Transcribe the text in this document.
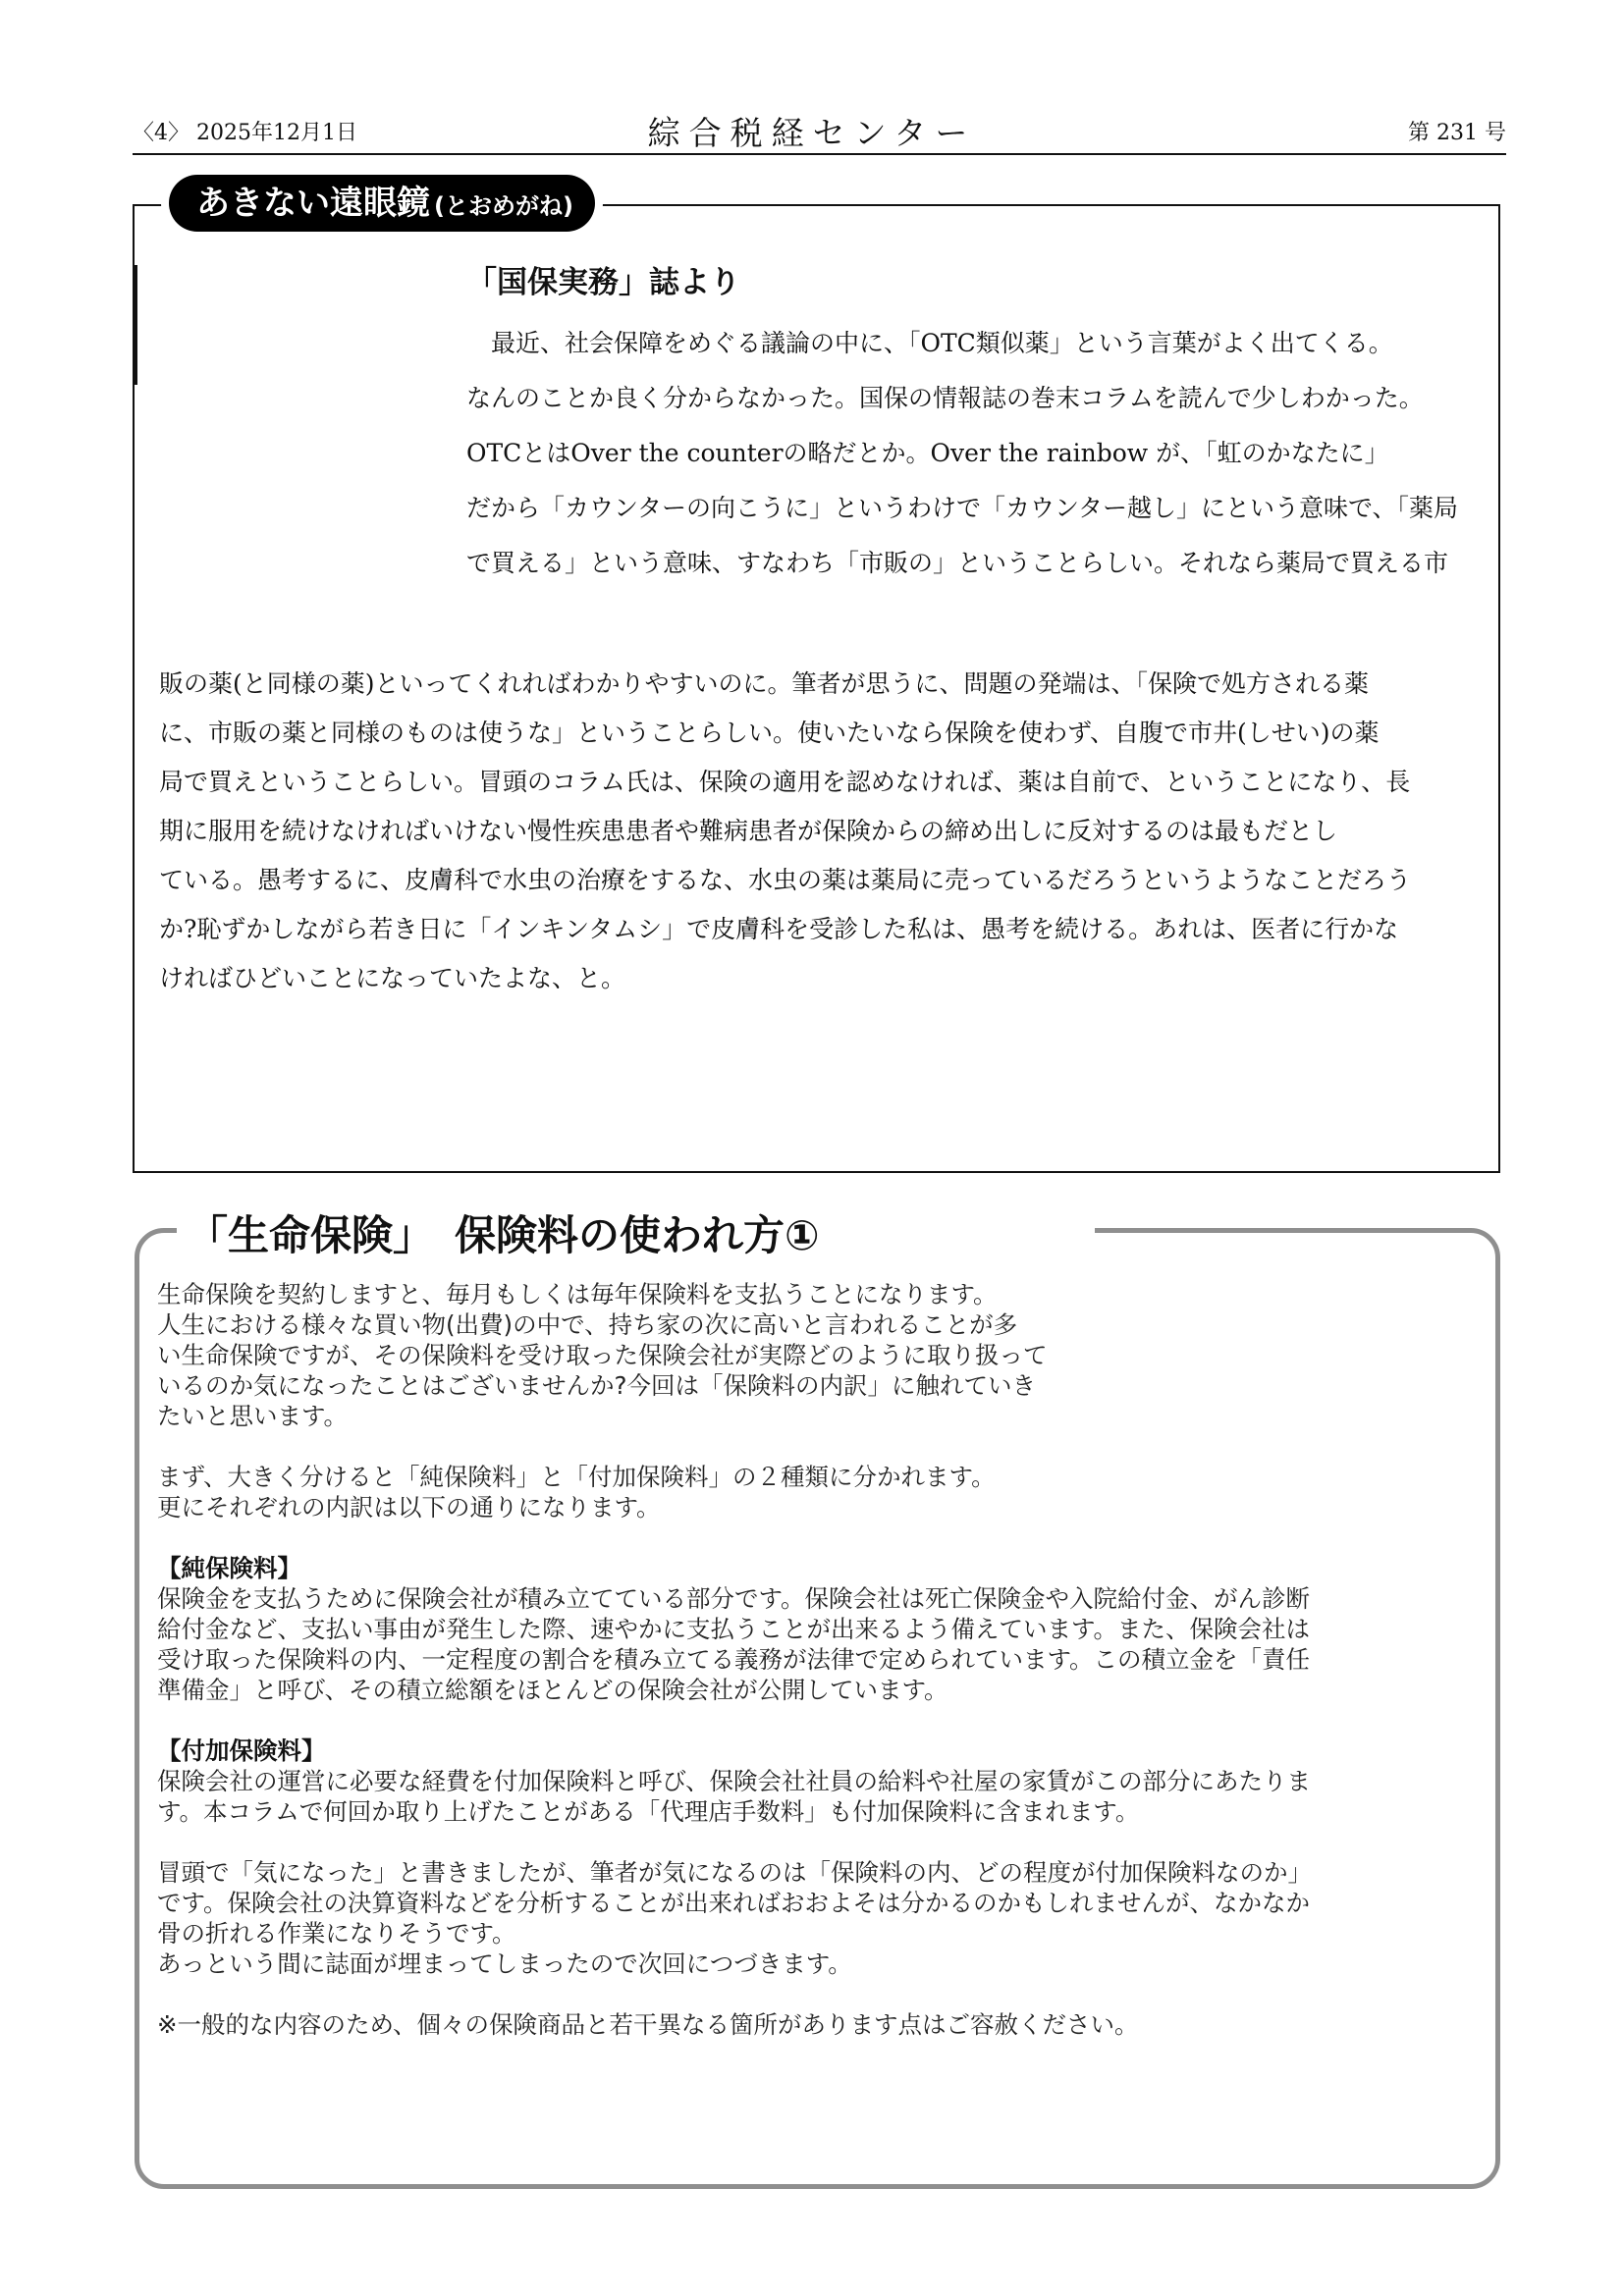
〈4〉 2025年12月1日	綜合税経センター	第 231 号
あきない遠眼鏡 (とおめがね)
「国保実務」誌より

　最近、社会保障をめぐる議論の中に、「OTC類似薬」という言葉がよく出てくる。

なんのことか良く分からなかった。国保の情報誌の巻末コラムを読んで少しわかった。

OTCとはOver the counterの略だとか。Over the rainbow が、「虹のかなたに」

だから「カウンターの向こうに」というわけで「カウンター越し」にという意味で、「薬局

で買える」という意味、すなわち「市販の」ということらしい。それなら薬局で買える市

販の薬(と同様の薬)といってくれればわかりやすいのに。筆者が思うに、問題の発端は、「保険で処方される薬

に、市販の薬と同様のものは使うな」ということらしい。使いたいなら保険を使わず、自腹で市井(しせい)の薬

局で買えということらしい。冒頭のコラム氏は、保険の適用を認めなければ、薬は自前で、ということになり、長

期に服用を続けなければいけない慢性疾患患者や難病患者が保険からの締め出しに反対するのは最もだとし

ている。愚考するに、皮膚科で水虫の治療をするな、水虫の薬は薬局に売っているだろうというようなことだろう

か?恥ずかしながら若き日に「インキンタムシ」で皮膚科を受診した私は、愚考を続ける。あれは、医者に行かな

ければひどいことになっていたよな、と。

「生命保険」　保険料の使われ方①

生命保険を契約しますと、毎月もしくは毎年保険料を支払うことになります。

人生における様々な買い物(出費)の中で、持ち家の次に高いと言われることが多

い生命保険ですが、その保険料を受け取った保険会社が実際どのように取り扱って

いるのか気になったことはございませんか?今回は「保険料の内訳」に触れていき

たいと思います。

まず、大きく分けると「純保険料」と「付加保険料」の２種類に分かれます。

更にそれぞれの内訳は以下の通りになります。

【純保険料】

保険金を支払うために保険会社が積み立てている部分です。保険会社は死亡保険金や入院給付金、がん診断

給付金など、支払い事由が発生した際、速やかに支払うことが出来るよう備えています。また、保険会社は

受け取った保険料の内、一定程度の割合を積み立てる義務が法律で定められています。この積立金を「責任

準備金」と呼び、その積立総額をほとんどの保険会社が公開しています。

【付加保険料】

保険会社の運営に必要な経費を付加保険料と呼び、保険会社社員の給料や社屋の家賃がこの部分にあたりま

す。本コラムで何回か取り上げたことがある「代理店手数料」も付加保険料に含まれます。

冒頭で「気になった」と書きましたが、筆者が気になるのは「保険料の内、どの程度が付加保険料なのか」

です。保険会社の決算資料などを分析することが出来ればおおよそは分かるのかもしれませんが、なかなか

骨の折れる作業になりそうです。

あっという間に誌面が埋まってしまったので次回につづきます。

※一般的な内容のため、個々の保険商品と若干異なる箇所があります点はご容赦ください。
